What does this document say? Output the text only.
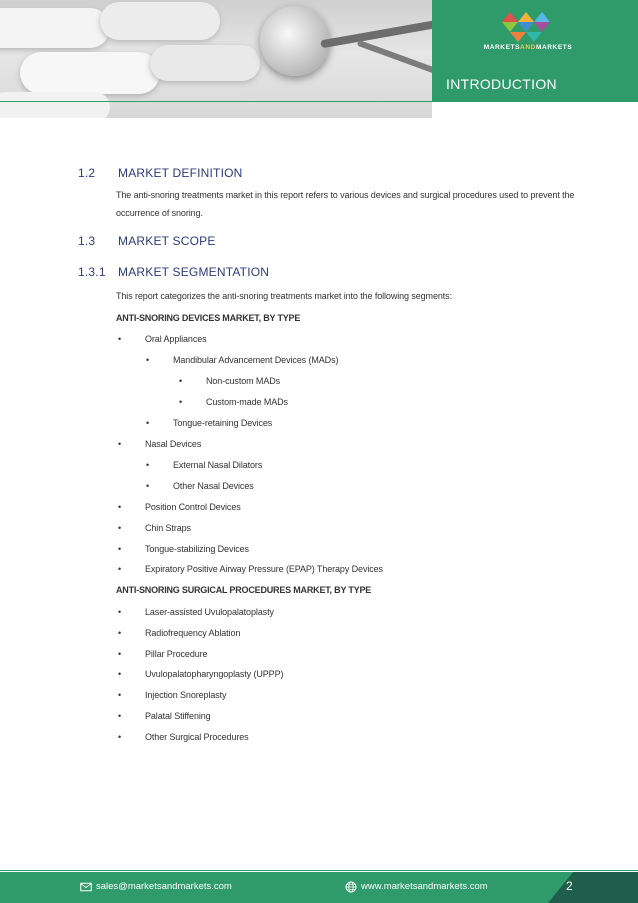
MARKETSANDMARKETS
INTRODUCTION
1.2 MARKET DEFINITION
The anti-snoring treatments market in this report refers to various devices and surgical procedures used to prevent the occurrence of snoring.
1.3 MARKET SCOPE
1.3.1 MARKET SEGMENTATION
This report categorizes the anti-snoring treatments market into the following segments:
ANTI-SNORING DEVICES MARKET, BY TYPE
•	Oral Appliances
•	Mandibular Advancement Devices (MADs)
•	Non-custom MADs
•	Custom-made MADs
•	Tongue-retaining Devices
•	Nasal Devices
•	External Nasal Dilators
•	Other Nasal Devices
•	Position Control Devices
•	Chin Straps
•	Tongue-stabilizing Devices
•	Expiratory Positive Airway Pressure (EPAP) Therapy Devices
ANTI-SNORING SURGICAL PROCEDURES MARKET, BY TYPE
•	Laser-assisted Uvulopalatoplasty
•	Radiofrequency Ablation
•	Pillar Procedure
•	Uvulopalatopharyngoplasty (UPPP)
•	Injection Snoreplasty
•	Palatal Stiffening
•	Other Surgical Procedures
sales@marketsandmarkets.com	www.marketsandmarkets.com	2
